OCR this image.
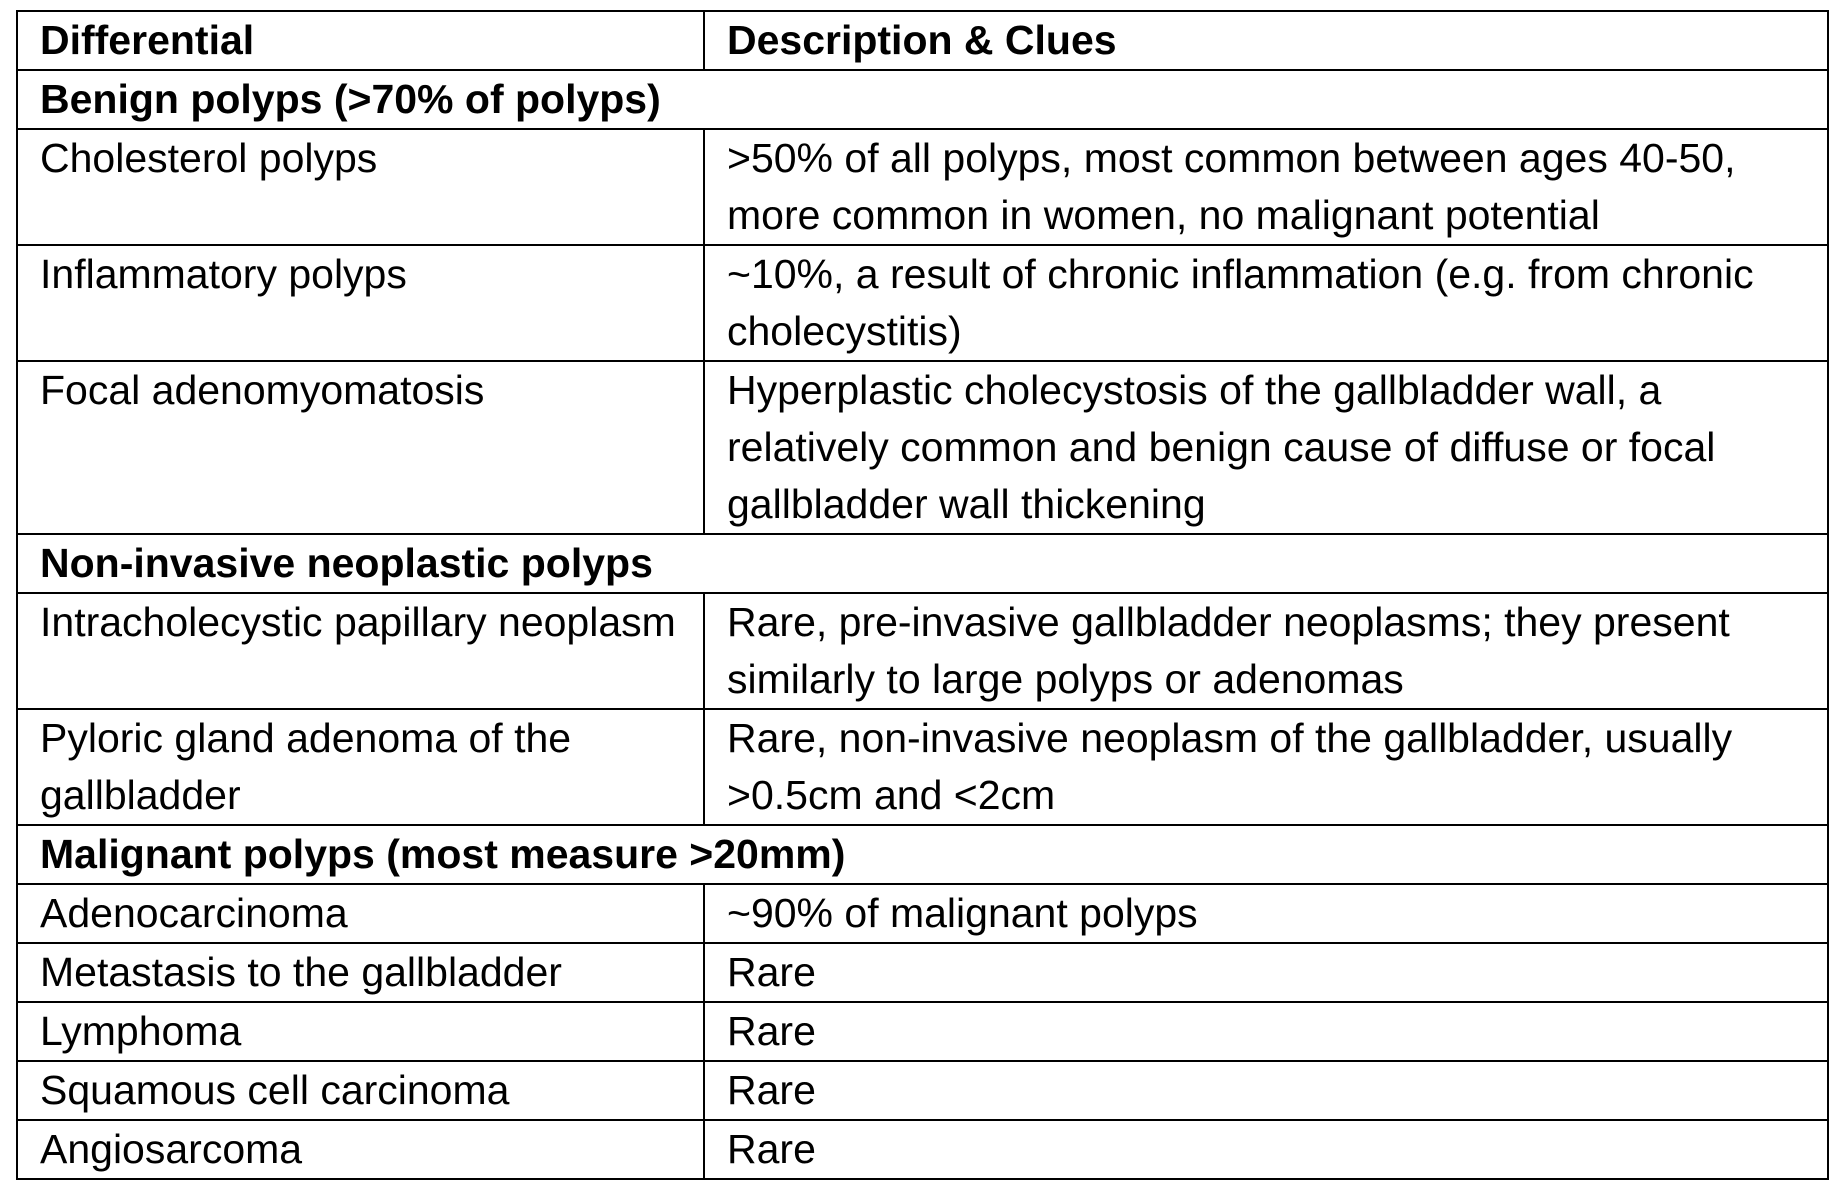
Differential	Description & Clues
Benign polyps (>70% of polyps)	
Cholesterol polyps	>50% of all polyps, most common between ages 40-50, more common in women, no malignant potential
Inflammatory polyps	~10%, a result of chronic inflammation (e.g. from chronic cholecystitis)
Focal adenomyomatosis	Hyperplastic cholecystosis of the gallbladder wall, a relatively common and benign cause of diffuse or focal gallbladder wall thickening
Non-invasive neoplastic polyps	
Intracholecystic papillary neoplasm	Rare, pre-invasive gallbladder neoplasms; they present similarly to large polyps or adenomas
Pyloric gland adenoma of the gallbladder	Rare, non-invasive neoplasm of the gallbladder, usually >0.5cm and <2cm
Malignant polyps (most measure >20mm)	
Adenocarcinoma	~90% of malignant polyps
Metastasis to the gallbladder	Rare
Lymphoma	Rare
Squamous cell carcinoma	Rare
Angiosarcoma	Rare
